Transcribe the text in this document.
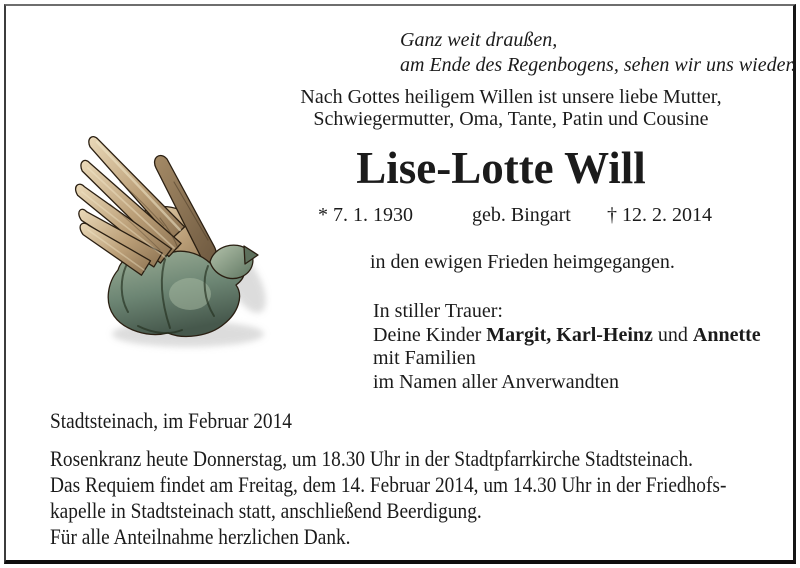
Ganz weit draußen,
am Ende des Regenbogens, sehen wir uns wieder.
Nach Gottes heiligem Willen ist unsere liebe Mutter,
Schwiegermutter, Oma, Tante, Patin und Cousine
Lise-Lotte Will
* 7. 1. 1930	geb. Bingart † 12. 2. 2014
in den ewigen Frieden heimgegangen.
In stiller Trauer:
Deine Kinder Margit, Karl-Heinz und Annette
mit Familien
im Namen aller Anverwandten
Stadtsteinach, im Februar 2014
Rosenkranz heute Donnerstag, um 18.30 Uhr in der Stadtpfarrkirche Stadtsteinach.
Das Requiem findet am Freitag, dem 14. Februar 2014, um 14.30 Uhr in der Friedhofs-
kapelle in Stadtsteinach statt, anschließend Beerdigung.
Für alle Anteilnahme herzlichen Dank.
